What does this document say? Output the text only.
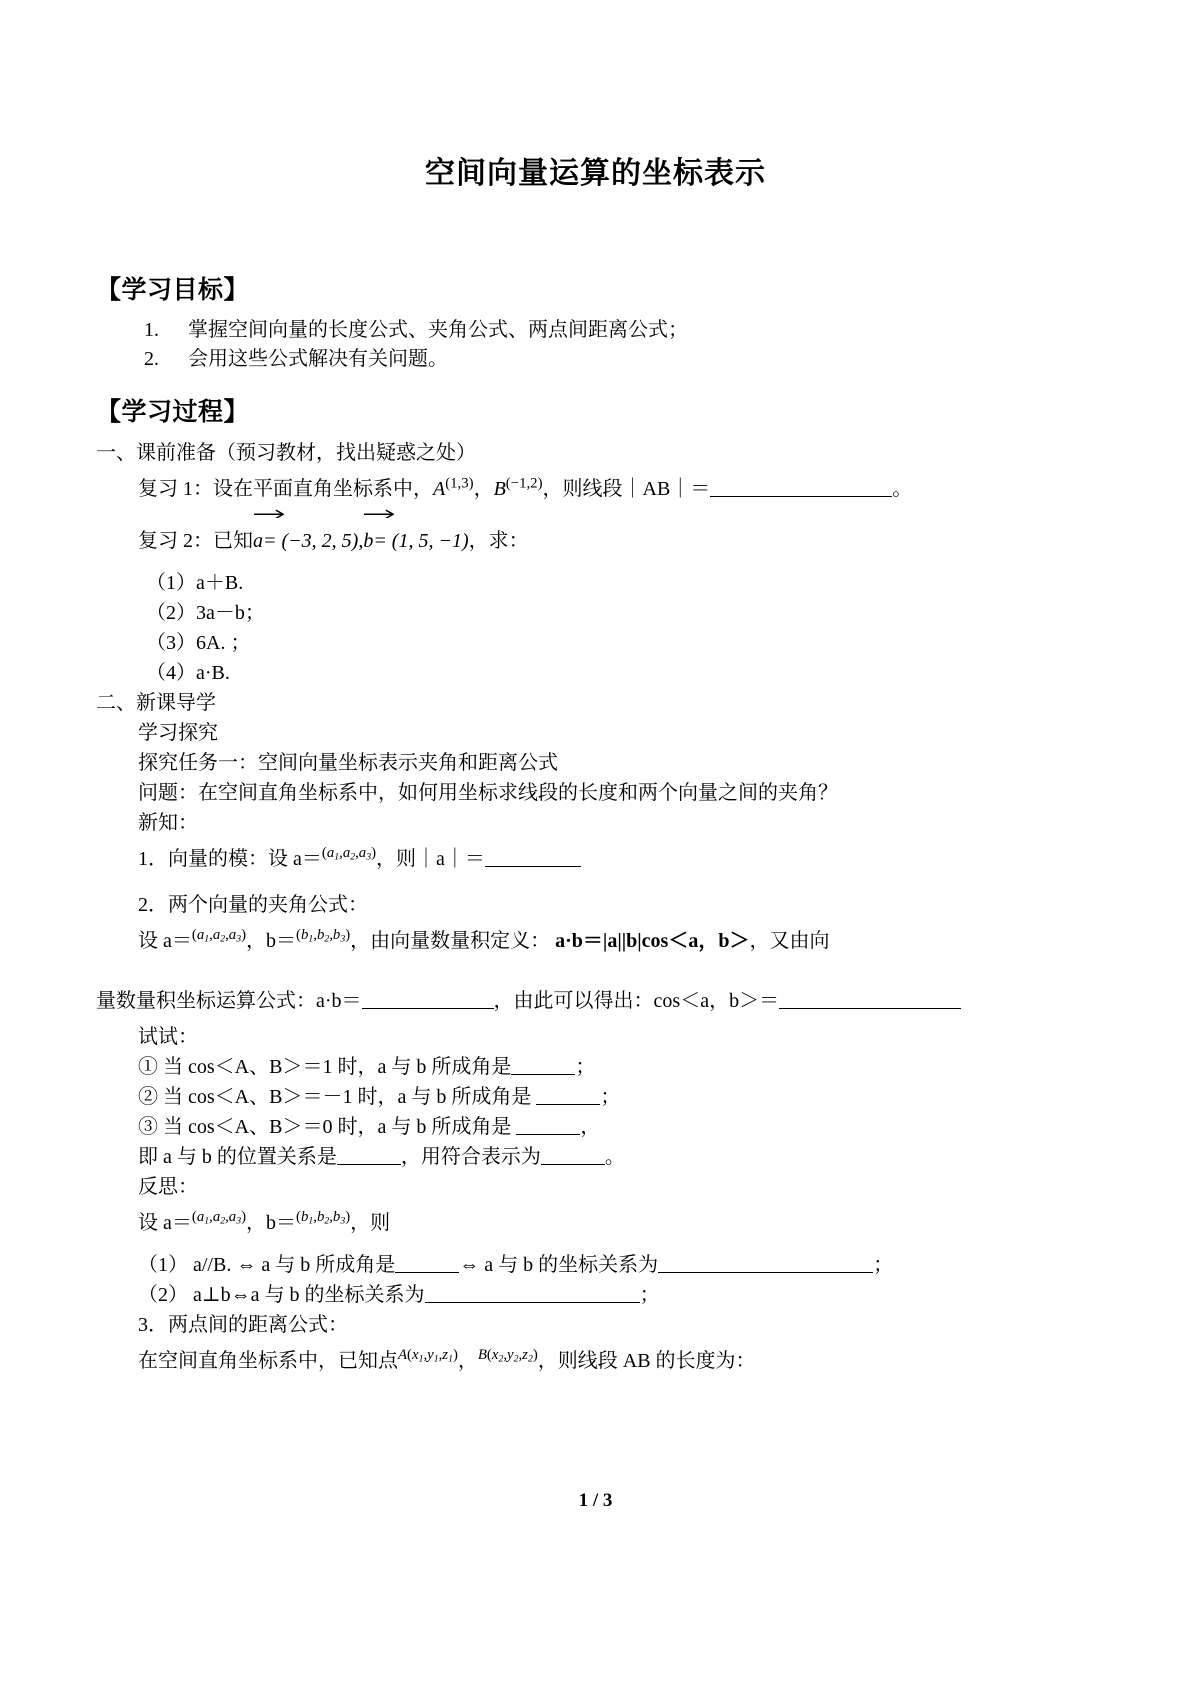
空间向量运算的坐标表示
【学习目标】
1.	掌握空间向量的长度公式、夹角公式、两点间距离公式；
2.	会用这些公式解决有关问题。
【学习过程】
一、课前准备（预习教材，找出疑惑之处）
复习 1：设在平面直角坐标系中，A$^{(1,3)}$，$B^{(-1,2)}$，则线段｜AB｜＝	。
复习 2：已知
a= (−3, 2, 5),
b= (1, 5, −1)，求：
（1）a＋B.
（2）3a－b；
（3）6A. ；
（4）a·B.
二、新课导学
学习探究
探究任务一：空间向量坐标表示夹角和距离公式
问题：在空间直角坐标系中，如何用坐标求线段的长度和两个向量之间的夹角？
新知：
1．向量的模：设 a＝$^{(a_1,a_2,a_3)}$，则｜a｜＝
2．两个向量的夹角公式：
设 a＝$^{(a_1,a_2,a_3)}$，b＝$^{(b_1,b_2,b_3)}$，由向量数量积定义： a·b＝|a||b|cos＜a，b＞，又由向
量数量积坐标运算公式：a·b＝	，由此可以得出：cos＜a，b＞＝
试试：
① 当 cos＜A、B＞＝1 时，a 与 b 所成角是	；
② 当 cos＜A、B＞＝－1 时，a 与 b 所成角是	；
③ 当 cos＜A、B＞＝0 时，a 与 b 所成角是	，
即 a 与 b 的位置关系是	，用符合表示为	。
反思：
设 a＝$^{(a_1,a_2,a_3)}$，b＝$^{(b_1,b_2,b_3)}$，则
（1） a//B. ⇔ a 与 b 所成角是	⇔ a 与 b 的坐标关系为	；
（2） a⊥b⇔a 与 b 的坐标关系为	；
3．两点间的距离公式：
在空间直角坐标系中，已知点$^{A(x_1,y_1,z_1)}$，$^{B(x_2,y_2,z_2)}$，则线段 AB 的长度为：
1 / 3
